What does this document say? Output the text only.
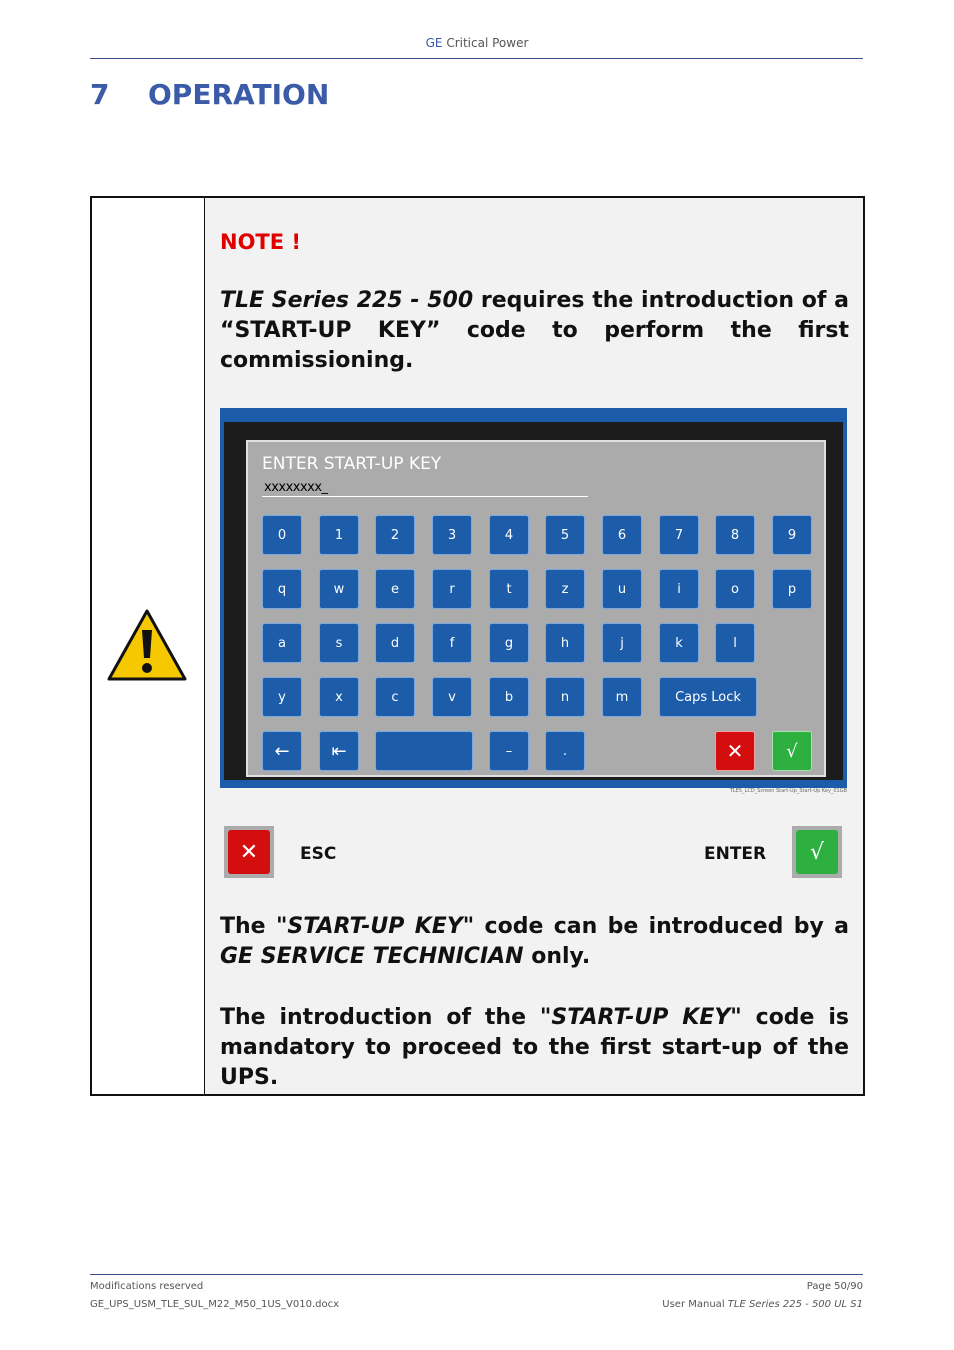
GE Critical Power
7 OPERATION
NOTE !
TLE Series 225 - 500 requires the introduction of a “START-UP KEY” code to perform the first commissioning.
ENTER START-UP KEY
xxxxxxxx_
0	1	2	3	4	5	6	7	8	9
q	w	e	r	t	z	u	i	o	p
a	s	d	f	g	h	j	k	l
y	x	c	v	b	n	m	Caps Lock
←	⇤	–	.	✕	√
TLE5_LCD_Screen Start-Up_Start-Up Key_01GB
✕	ESC	ENTER	√
The "START-UP KEY" code can be introduced by a GE SERVICE TECHNICIAN only.
The introduction of the "START-UP KEY" code is mandatory to proceed to the first start-up of the UPS.
Modifications reserved
GE_UPS_USM_TLE_SUL_M22_M50_1US_V010.docx
Page 50/90
User Manual TLE Series 225 - 500 UL S1
